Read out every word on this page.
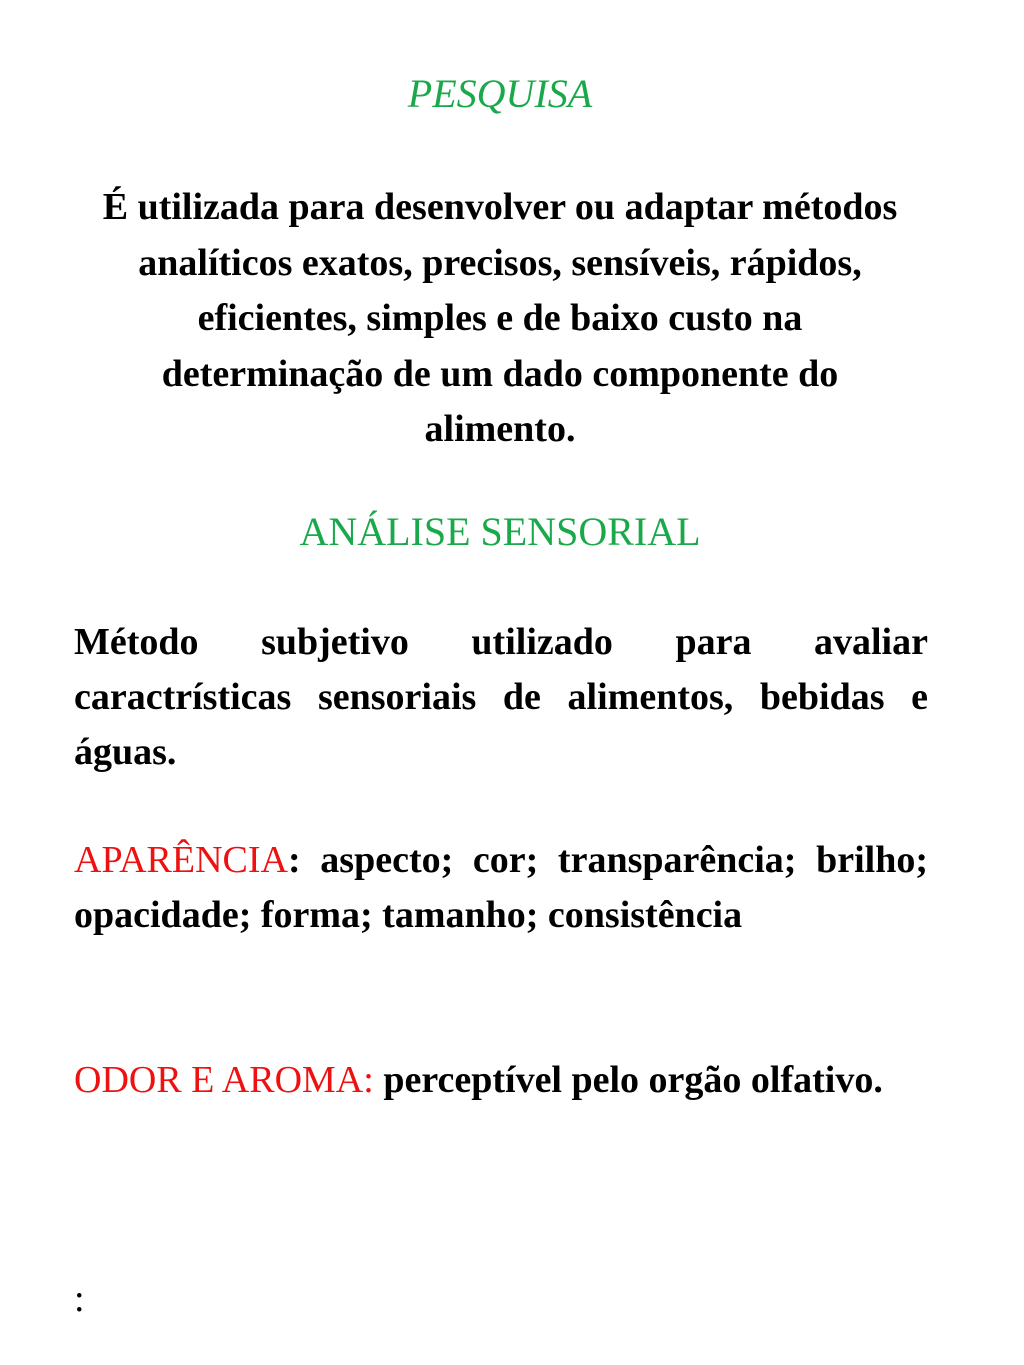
PESQUISA

É utilizada para desenvolver ou adaptar métodos analíticos exatos, precisos, sensíveis, rápidos, eficientes, simples e de baixo custo na determinação de um dado componente do alimento.

ANÁLISE SENSORIAL

Método subjetivo utilizado para avaliar caractrísticas sensoriais de alimentos, bebidas e águas.

APARÊNCIA: aspecto; cor; transparência; brilho; opacidade; forma; tamanho; consistência

ODOR E AROMA: perceptível pelo orgão olfativo.

:
